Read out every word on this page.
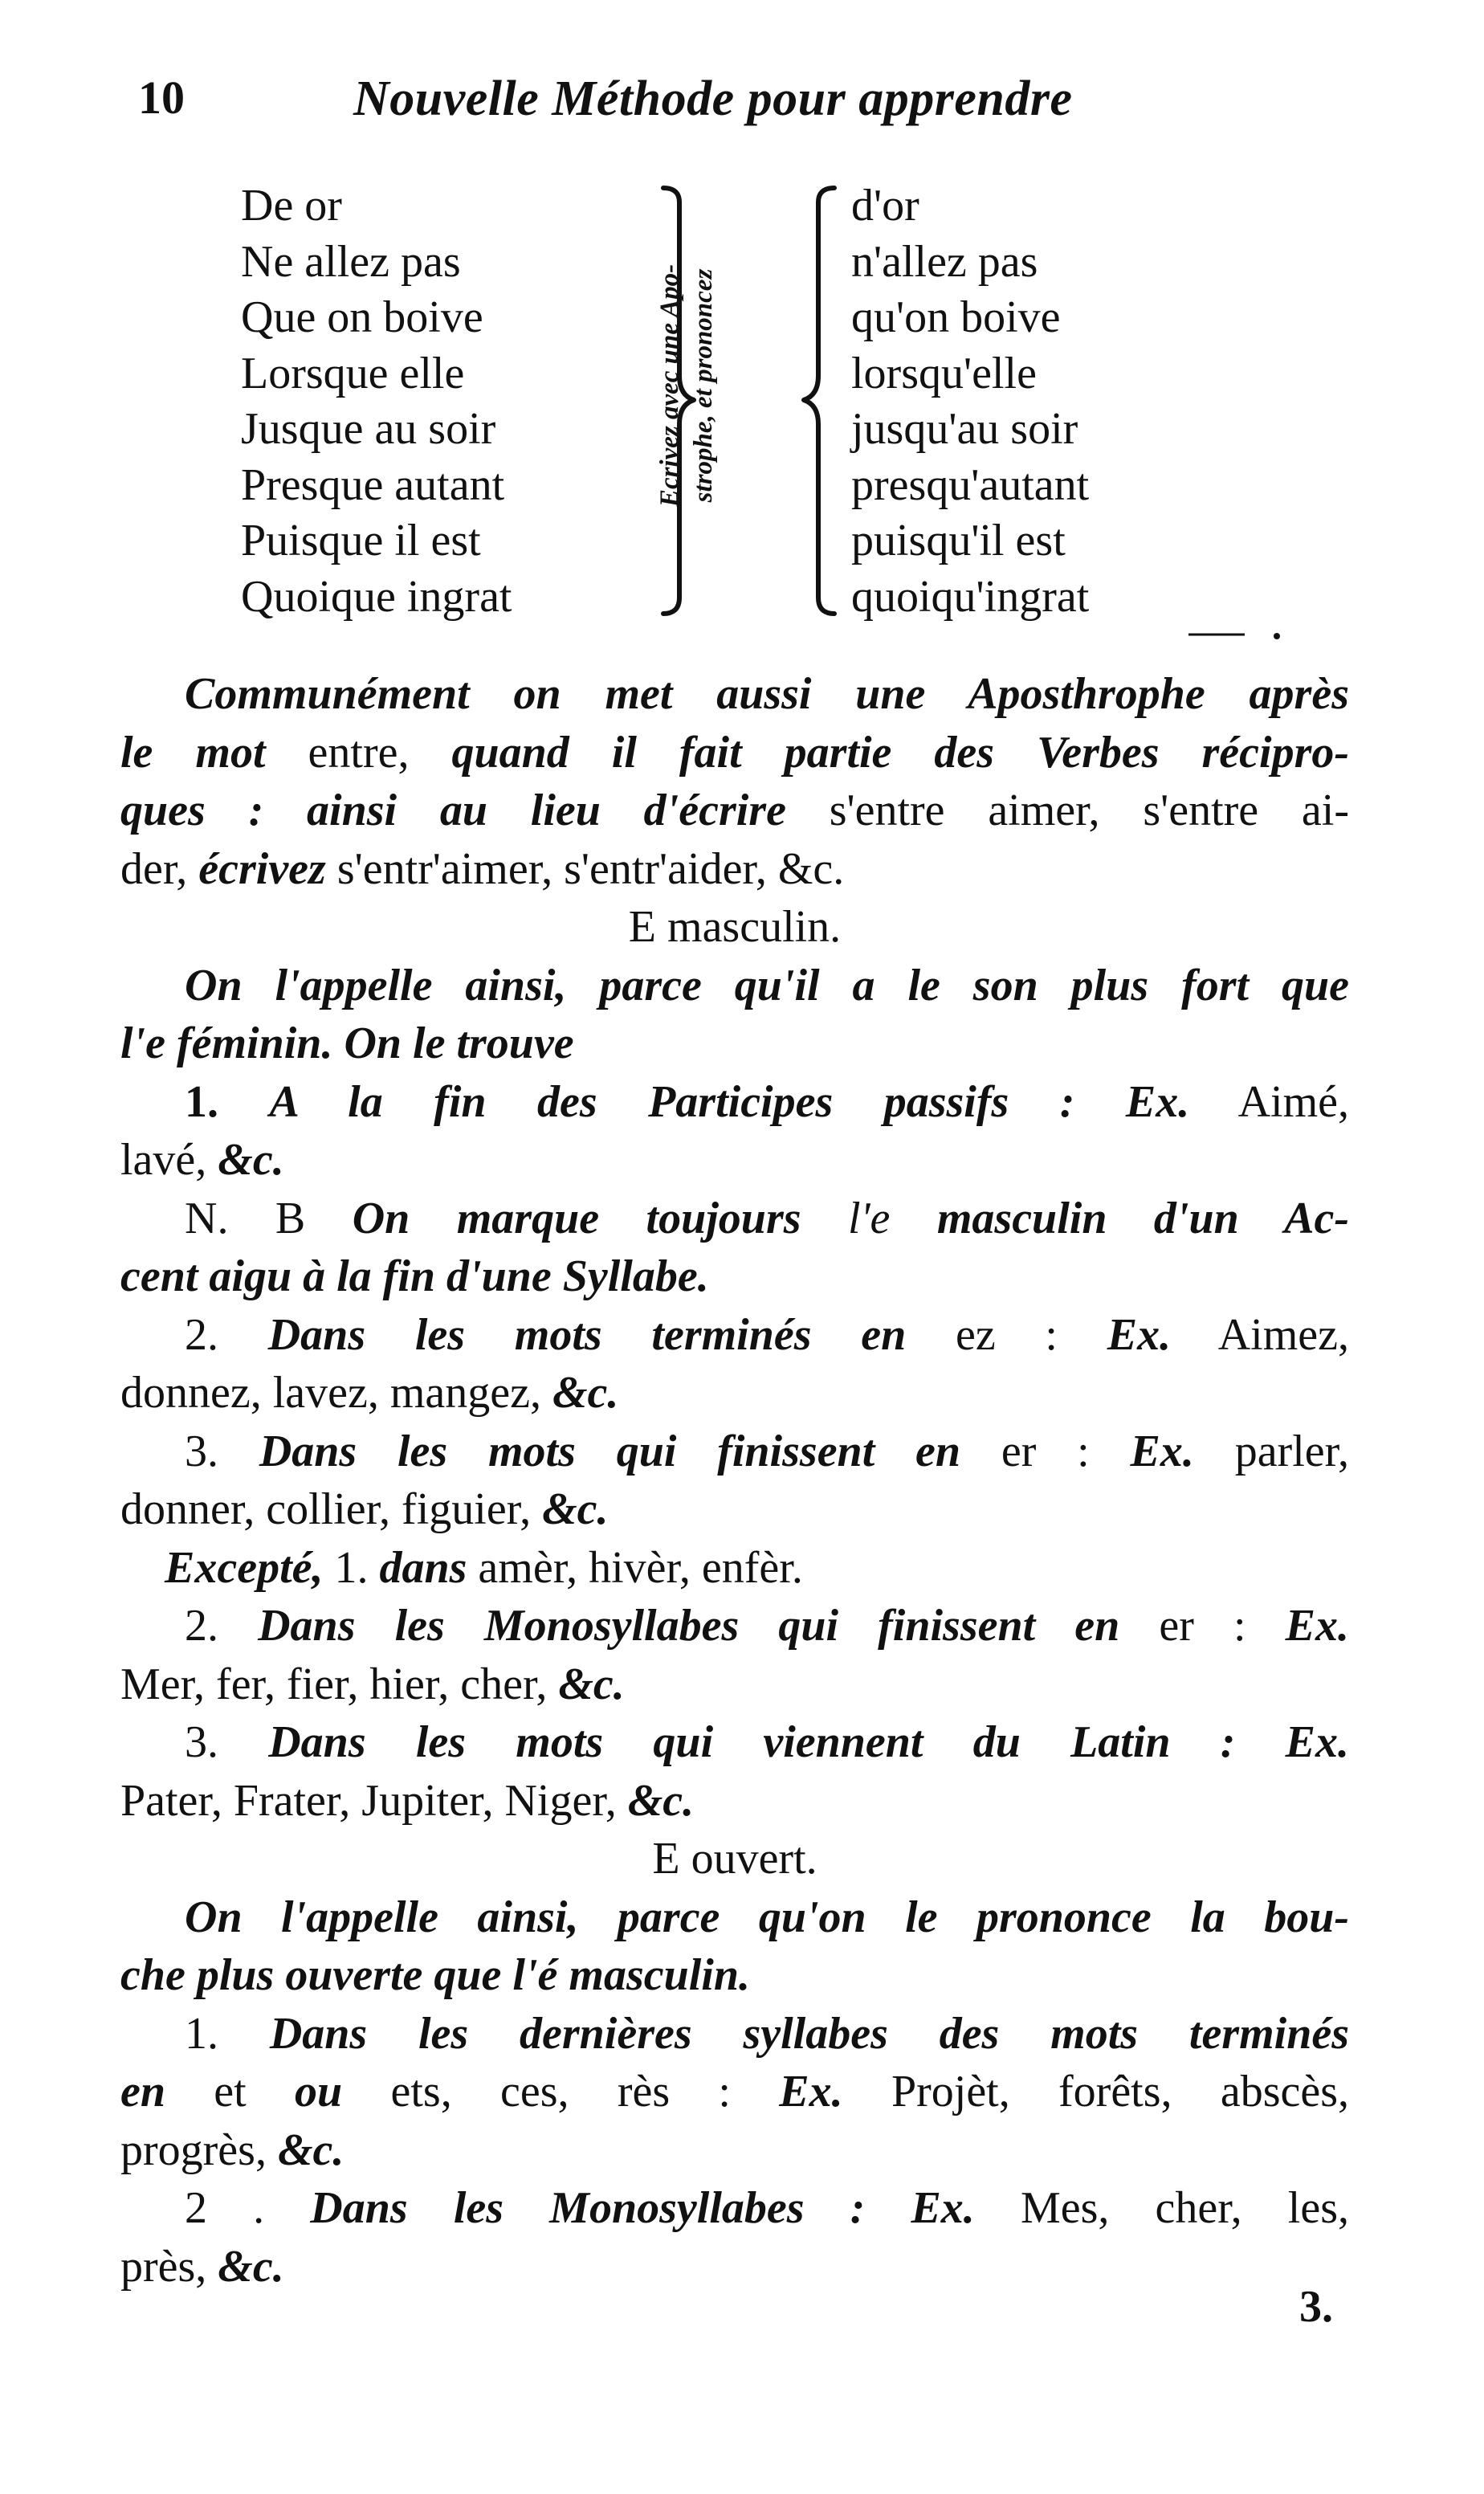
10	Nouvelle Méthode pour apprendre
De or
Ne allez pas
Que on boive
Lorsque elle
Jusque au soir
Presque autant
Puisque il est
Quoique ingrat
Ecrivez avec une Apo- strophe, et prononcez
d'or
n'allez pas
qu'on boive
lorsqu'elle
jusqu'au soir
presqu'autant
puisqu'il est
quoiqu'ingrat
Communément on met aussi une Aposthrophe après
le mot entre, quand il fait partie des Verbes récipro-
ques : ainsi au lieu d'écrire s'entre aimer, s'entre ai-
der, écrivez s'entr'aimer, s'entr'aider, &c.
E masculin.
On l'appelle ainsi, parce qu'il a le son plus fort que
l'e féminin. On le trouve
1. A la fin des Participes passifs : Ex. Aimé,
lavé, &c.
N. B On marque toujours l'e masculin d'un Ac-
cent aigu à la fin d'une Syllabe.
2. Dans les mots terminés en ez : Ex. Aimez,
donnez, lavez, mangez, &c.
3. Dans les mots qui finissent en er : Ex. parler,
donner, collier, figuier, &c.
Excepté, 1. dans amèr, hivèr, enfèr.
2. Dans les Monosyllabes qui finissent en er : Ex.
Mer, fer, fier, hier, cher, &c.
3. Dans les mots qui viennent du Latin : Ex.
Pater, Frater, Jupiter, Niger, &c.
E ouvert.
On l'appelle ainsi, parce qu'on le prononce la bou-
che plus ouverte que l'é masculin.
1. Dans les dernières syllabes des mots terminés
en et ou ets, ces, rès : Ex. Projèt, forêts, abscès,
progrès, &c.
2 . Dans les Monosyllabes : Ex. Mes, cher, les,
près, &c.
3.
